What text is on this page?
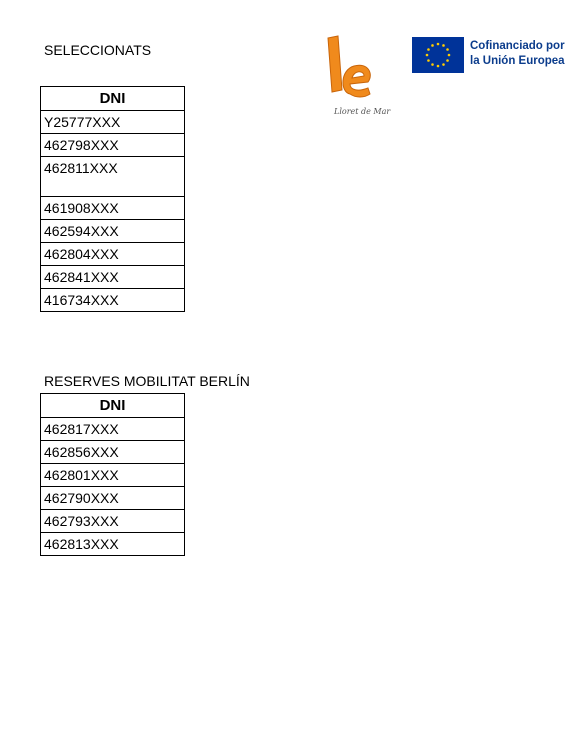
Lloret de Mar
Cofinanciado por
la Unión Europea
SELECCIONATS
DNI
Y25777XXX
462798XXX
462811XXX
461908XXX
462594XXX
462804XXX
462841XXX
416734XXX
RESERVES MOBILITAT BERLÍN
DNI
462817XXX
462856XXX
462801XXX
462790XXX
462793XXX
462813XXX
